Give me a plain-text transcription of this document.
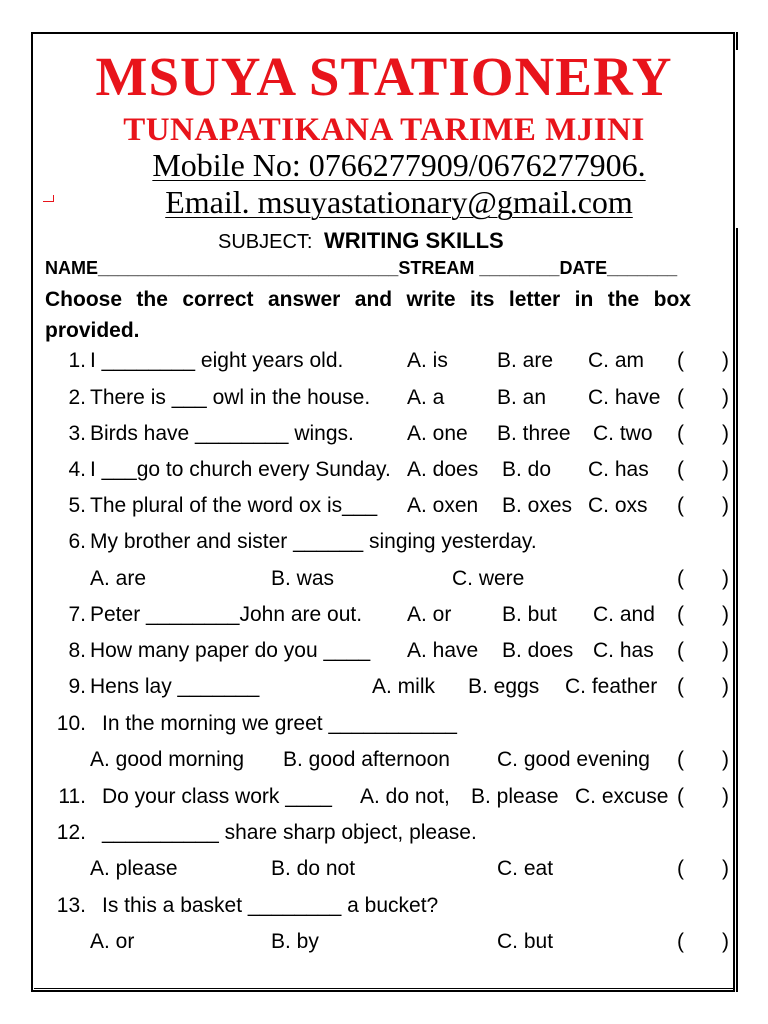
MSUYA STATIONERY
TUNAPATIKANA TARIME MJINI
Mobile No: 0766277909/0676277906.
Email. msuyastationary@gmail.com
SUBJECT: WRITING SKILLS
NAME______________________________STREAM ________DATE_______
Choose the correct answer and write its letter in the box provided.
1. I ________ eight years old.	A. is B. are C. am ( )
2. There is ___ owl in the house. A. a	B. an C. have ( )
3. Birds have ________ wings.	A. one B. three C. two ( )
4. I ___go to church every Sunday. A. does B. do C. has ( )
5. The plural of the word ox is___ A. oxen B. oxes C. oxs ( )
6. My brother and sister ______ singing yesterday.
A. are	B. was	C. were	( )
7. Peter ________John are out. A. or B. but C. and ( )
8. How many paper do you ____ A. have B. does C. has ( )
9. Hens lay _______	A. milk B. eggs C. feather ( )
10. In the morning we greet ___________
A. good morning B. good afternoon C. good evening ( )
11. Do your class work ____ A. do not, B. please C. excuse ( )
12. __________ share sharp object, please.
A. please	B. do not	C. eat	( )
13. Is this a basket ________ a bucket?
A. or	B. by	C. but	( )
